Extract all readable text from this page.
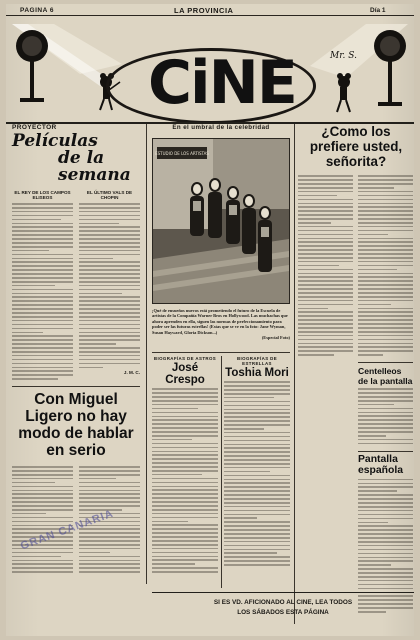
PAGINA 6	LA PROVINCIA	Día 1
CiNE	Mr. S.
PROYECTOR
Películas
de la semana
EL REY DE LOS CAMPOS ELISEOS
EL ÚLTIMO VALS DE CHOPIN
J. M. C.
Con Miguel Ligero no hay modo de hablar en serio
En el umbral de la celebridad
ESTUDIO DE LOS ARTISTAS
¡Qué de ensueños nuevos está prometiendo el futuro de la Escuela de artistas de la Compañía Warner Bros en Hollywood. Las muchachas que ahora aprenden en ella, siguen las normas de perfeccionamiento para poder ser las futuras estrellas! (Estas que se ve en la foto: Jane Wyman, Susan Hayward, Gloria Dickson...)
(Especial Foto)
BIOGRAFÍAS DE ASTROS
José Crespo
BIOGRAFÍAS DE ESTRELLAS
Toshia Mori
¿Como los prefiere usted, señorita?
Centelleos de la pantalla
Pantalla española
GRAN CANARIA
SI ES VD. AFICIONADO AL CINE, LEA TODOS
LOS SÁBADOS ESTA PÁGINA
